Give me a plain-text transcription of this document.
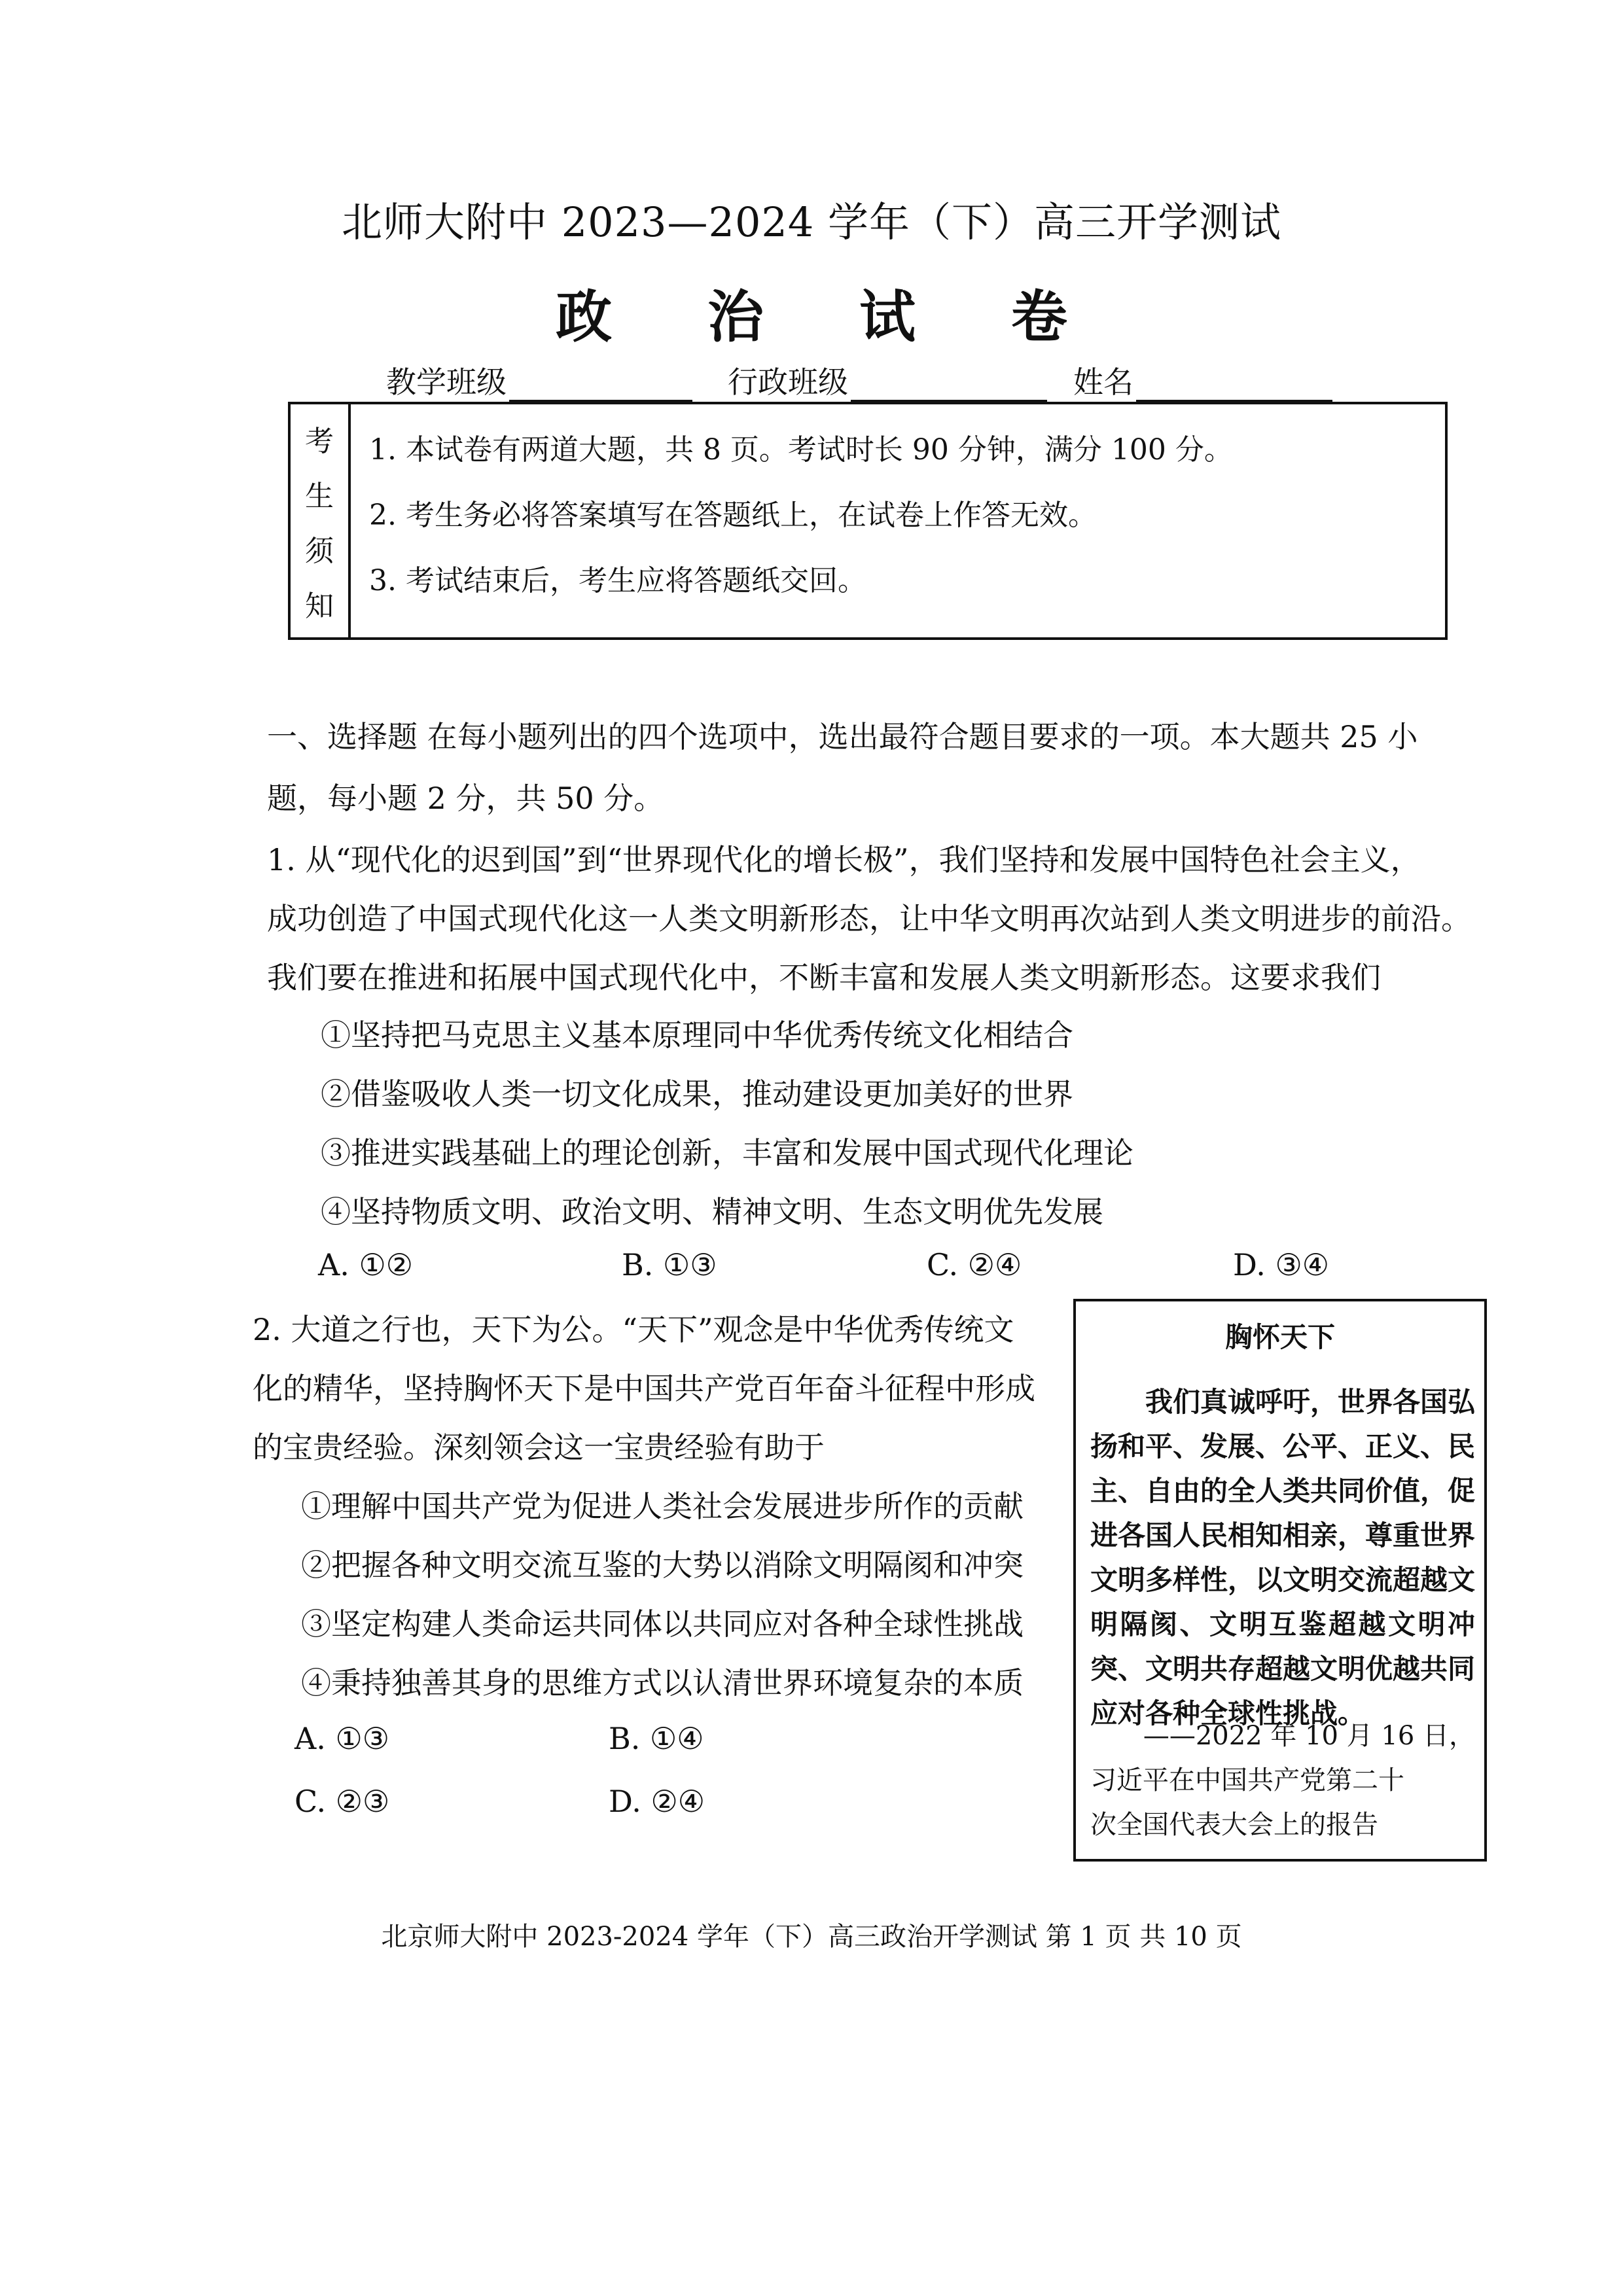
北师大附中 2023—2024 学年（下）高三开学测试
政 治 试 卷
教学班级	行政班级	姓名
考
生
须
知
1. 本试卷有两道大题，共 8 页。考试时长 90 分钟，满分 100 分。
2. 考生务必将答案填写在答题纸上，在试卷上作答无效。
3. 考试结束后，考生应将答题纸交回。
一、选择题 在每小题列出的四个选项中，选出最符合题目要求的一项。本大题共 25 小
题，每小题 2 分，共 50 分。
1. 从“现代化的迟到国”到“世界现代化的增长极”，我们坚持和发展中国特色社会主义，
成功创造了中国式现代化这一人类文明新形态，让中华文明再次站到人类文明进步的前沿。
我们要在推进和拓展中国式现代化中，不断丰富和发展人类文明新形态。这要求我们
①坚持把马克思主义基本原理同中华优秀传统文化相结合
②借鉴吸收人类一切文化成果，推动建设更加美好的世界
③推进实践基础上的理论创新，丰富和发展中国式现代化理论
④坚持物质文明、政治文明、精神文明、生态文明优先发展
A. ①②	B. ①③	C. ②④	D. ③④
2. 大道之行也，天下为公。“天下”观念是中华优秀传统文
化的精华，坚持胸怀天下是中国共产党百年奋斗征程中形成
的宝贵经验。深刻领会这一宝贵经验有助于
①理解中国共产党为促进人类社会发展进步所作的贡献
②把握各种文明交流互鉴的大势以消除文明隔阂和冲突
③坚定构建人类命运共同体以共同应对各种全球性挑战
④秉持独善其身的思维方式以认清世界环境复杂的本质
A. ①③	B. ①④
C. ②③	D. ②④
胸怀天下
我们真诚呼吁，世界各国弘扬和平、发展、公平、正义、民主、自由的全人类共同价值，促进各国人民相知相亲，尊重世界文明多样性，以文明交流超越文明隔阂、文明互鉴超越文明冲突、文明共存超越文明优越共同应对各种全球性挑战。
——2022 年 10 月 16 日，
习近平在中国共产党第二十
次全国代表大会上的报告
北京师大附中 2023-2024 学年（下）高三政治开学测试 第 1 页 共 10 页
